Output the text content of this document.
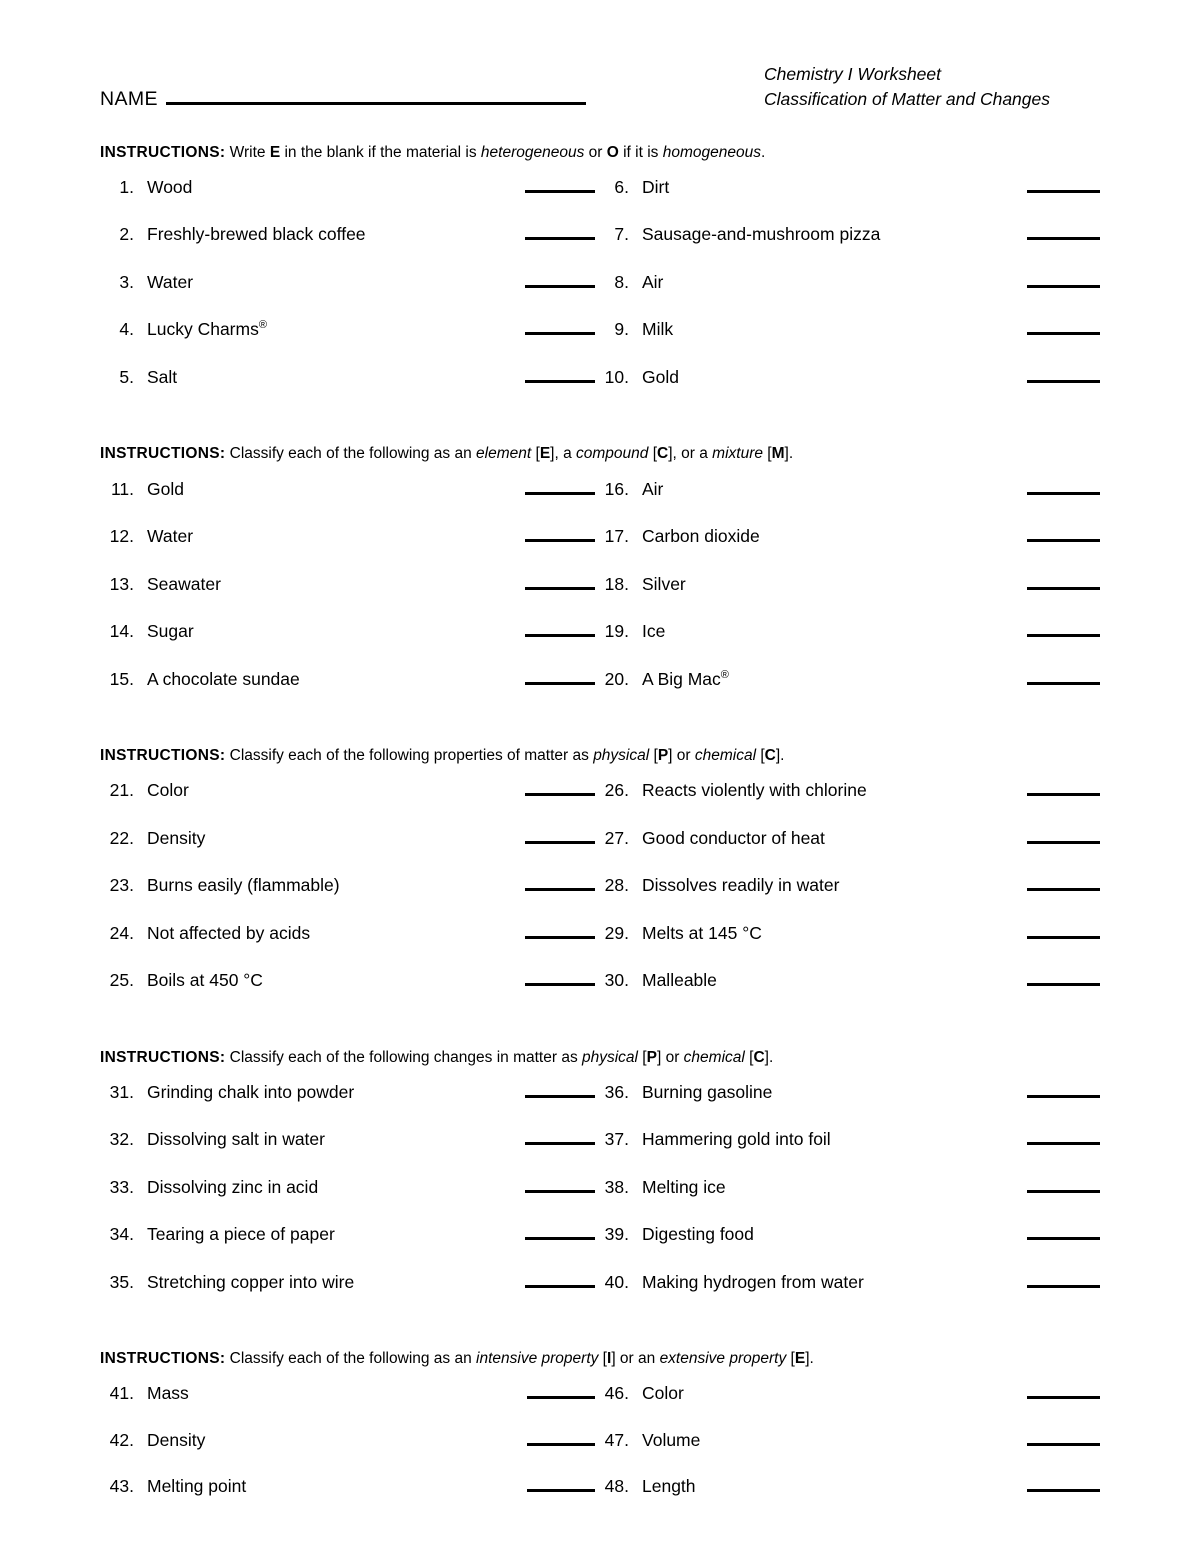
NAME
Chemistry I Worksheet
Classification of Matter and Changes
INSTRUCTIONS: Write E in the blank if the material is heterogeneous or O if it is homogeneous.
1. Wood	6. Dirt
2. Freshly-brewed black coffee	7. Sausage-and-mushroom pizza
3. Water	8. Air
4. Lucky Charms®	9. Milk
5. Salt	10. Gold
INSTRUCTIONS: Classify each of the following as an element [E], a compound [C], or a mixture [M].
11. Gold	16. Air
12. Water	17. Carbon dioxide
13. Seawater	18. Silver
14. Sugar	19. Ice
15. A chocolate sundae	20. A Big Mac®
INSTRUCTIONS: Classify each of the following properties of matter as physical [P] or chemical [C].
21. Color	26. Reacts violently with chlorine
22. Density	27. Good conductor of heat
23. Burns easily (flammable)	28. Dissolves readily in water
24. Not affected by acids	29. Melts at 145 °C
25. Boils at 450 °C	30. Malleable
INSTRUCTIONS: Classify each of the following changes in matter as physical [P] or chemical [C].
31. Grinding chalk into powder	36. Burning gasoline
32. Dissolving salt in water	37. Hammering gold into foil
33. Dissolving zinc in acid	38. Melting ice
34. Tearing a piece of paper	39. Digesting food
35. Stretching copper into wire	40. Making hydrogen from water
INSTRUCTIONS: Classify each of the following as an intensive property [I] or an extensive property [E].
41. Mass	46. Color
42. Density	47. Volume
43. Melting point	48. Length
